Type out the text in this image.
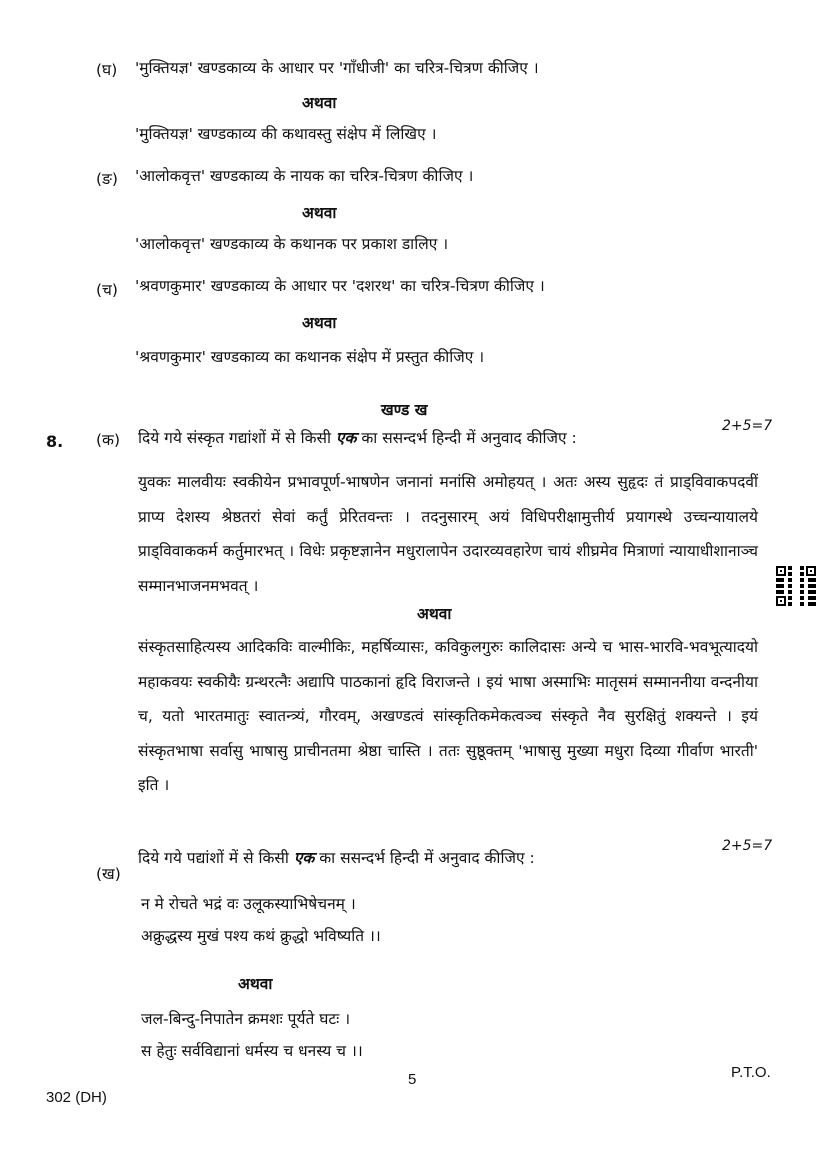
(घ) 'मुक्तियज्ञ' खण्डकाव्य के आधार पर 'गाँधीजी' का चरित्र-चित्रण कीजिए ।
अथवा
'मुक्तियज्ञ' खण्डकाव्य की कथावस्तु संक्षेप में लिखिए ।
(ङ) 'आलोकवृत्त' खण्डकाव्य के नायक का चरित्र-चित्रण कीजिए ।
अथवा
'आलोकवृत्त' खण्डकाव्य के कथानक पर प्रकाश डालिए ।
(च) 'श्रवणकुमार' खण्डकाव्य के आधार पर 'दशरथ' का चरित्र-चित्रण कीजिए ।
अथवा
'श्रवणकुमार' खण्डकाव्य का कथानक संक्षेप में प्रस्तुत कीजिए ।
खण्ड ख
8. (क) दिये गये संस्कृत गद्यांशों में से किसी एक का ससन्दर्भ हिन्दी में अनुवाद कीजिए :
2+5=7
युवकः मालवीयः स्वकीयेन प्रभावपूर्ण-भाषणेन जनानां मनांसि अमोहयत् । अतः अस्य सुहृदः तं प्राड्विवाकपदवीं प्राप्य देशस्य श्रेष्ठतरां सेवां कर्तुं प्रेरितवन्तः । तदनुसारम् अयं विधिपरीक्षामुत्तीर्य प्रयागस्थे उच्चन्यायालये प्राड्विवाककर्म कर्तुमारभत् । विधेः प्रकृष्टज्ञानेन मधुरालापेन उदारव्यवहारेण चायं शीघ्रमेव मित्राणां न्यायाधीशानाञ्च सम्मानभाजनमभवत् ।
अथवा
संस्कृतसाहित्यस्य आदिकविः वाल्मीकिः, महर्षिव्यासः, कविकुलगुरुः कालिदासः अन्ये च भास-भारवि-भवभूत्यादयो महाकवयः स्वकीयैः ग्रन्थरत्नैः अद्यापि पाठकानां हृदि विराजन्ते । इयं भाषा अस्माभिः मातृसमं सम्माननीया वन्दनीया च, यतो भारतमातुः स्वातन्त्र्यं, गौरवम्, अखण्डत्वं सांस्कृतिकमेकत्वञ्च संस्कृते नैव सुरक्षितुं शक्यन्ते । इयं संस्कृतभाषा सर्वासु भाषासु प्राचीनतमा श्रेष्ठा चास्ति । ततः सुष्ठूक्तम् 'भाषासु मुख्या मधुरा दिव्या गीर्वाण भारती' इति ।
(ख)
दिये गये पद्यांशों में से किसी एक का ससन्दर्भ हिन्दी में अनुवाद कीजिए :
2+5=7
न मे रोचते भद्रं वः उलूकस्याभिषेचनम् ।
अक्रुद्धस्य मुखं पश्य कथं क्रुद्धो भविष्यति ।।
अथवा
जल-बिन्दु-निपातेन क्रमशः पूर्यते घटः ।
स हेतुः सर्वविद्यानां धर्मस्य च धनस्य च ।।
302 (DH)
5	P.T.O.
